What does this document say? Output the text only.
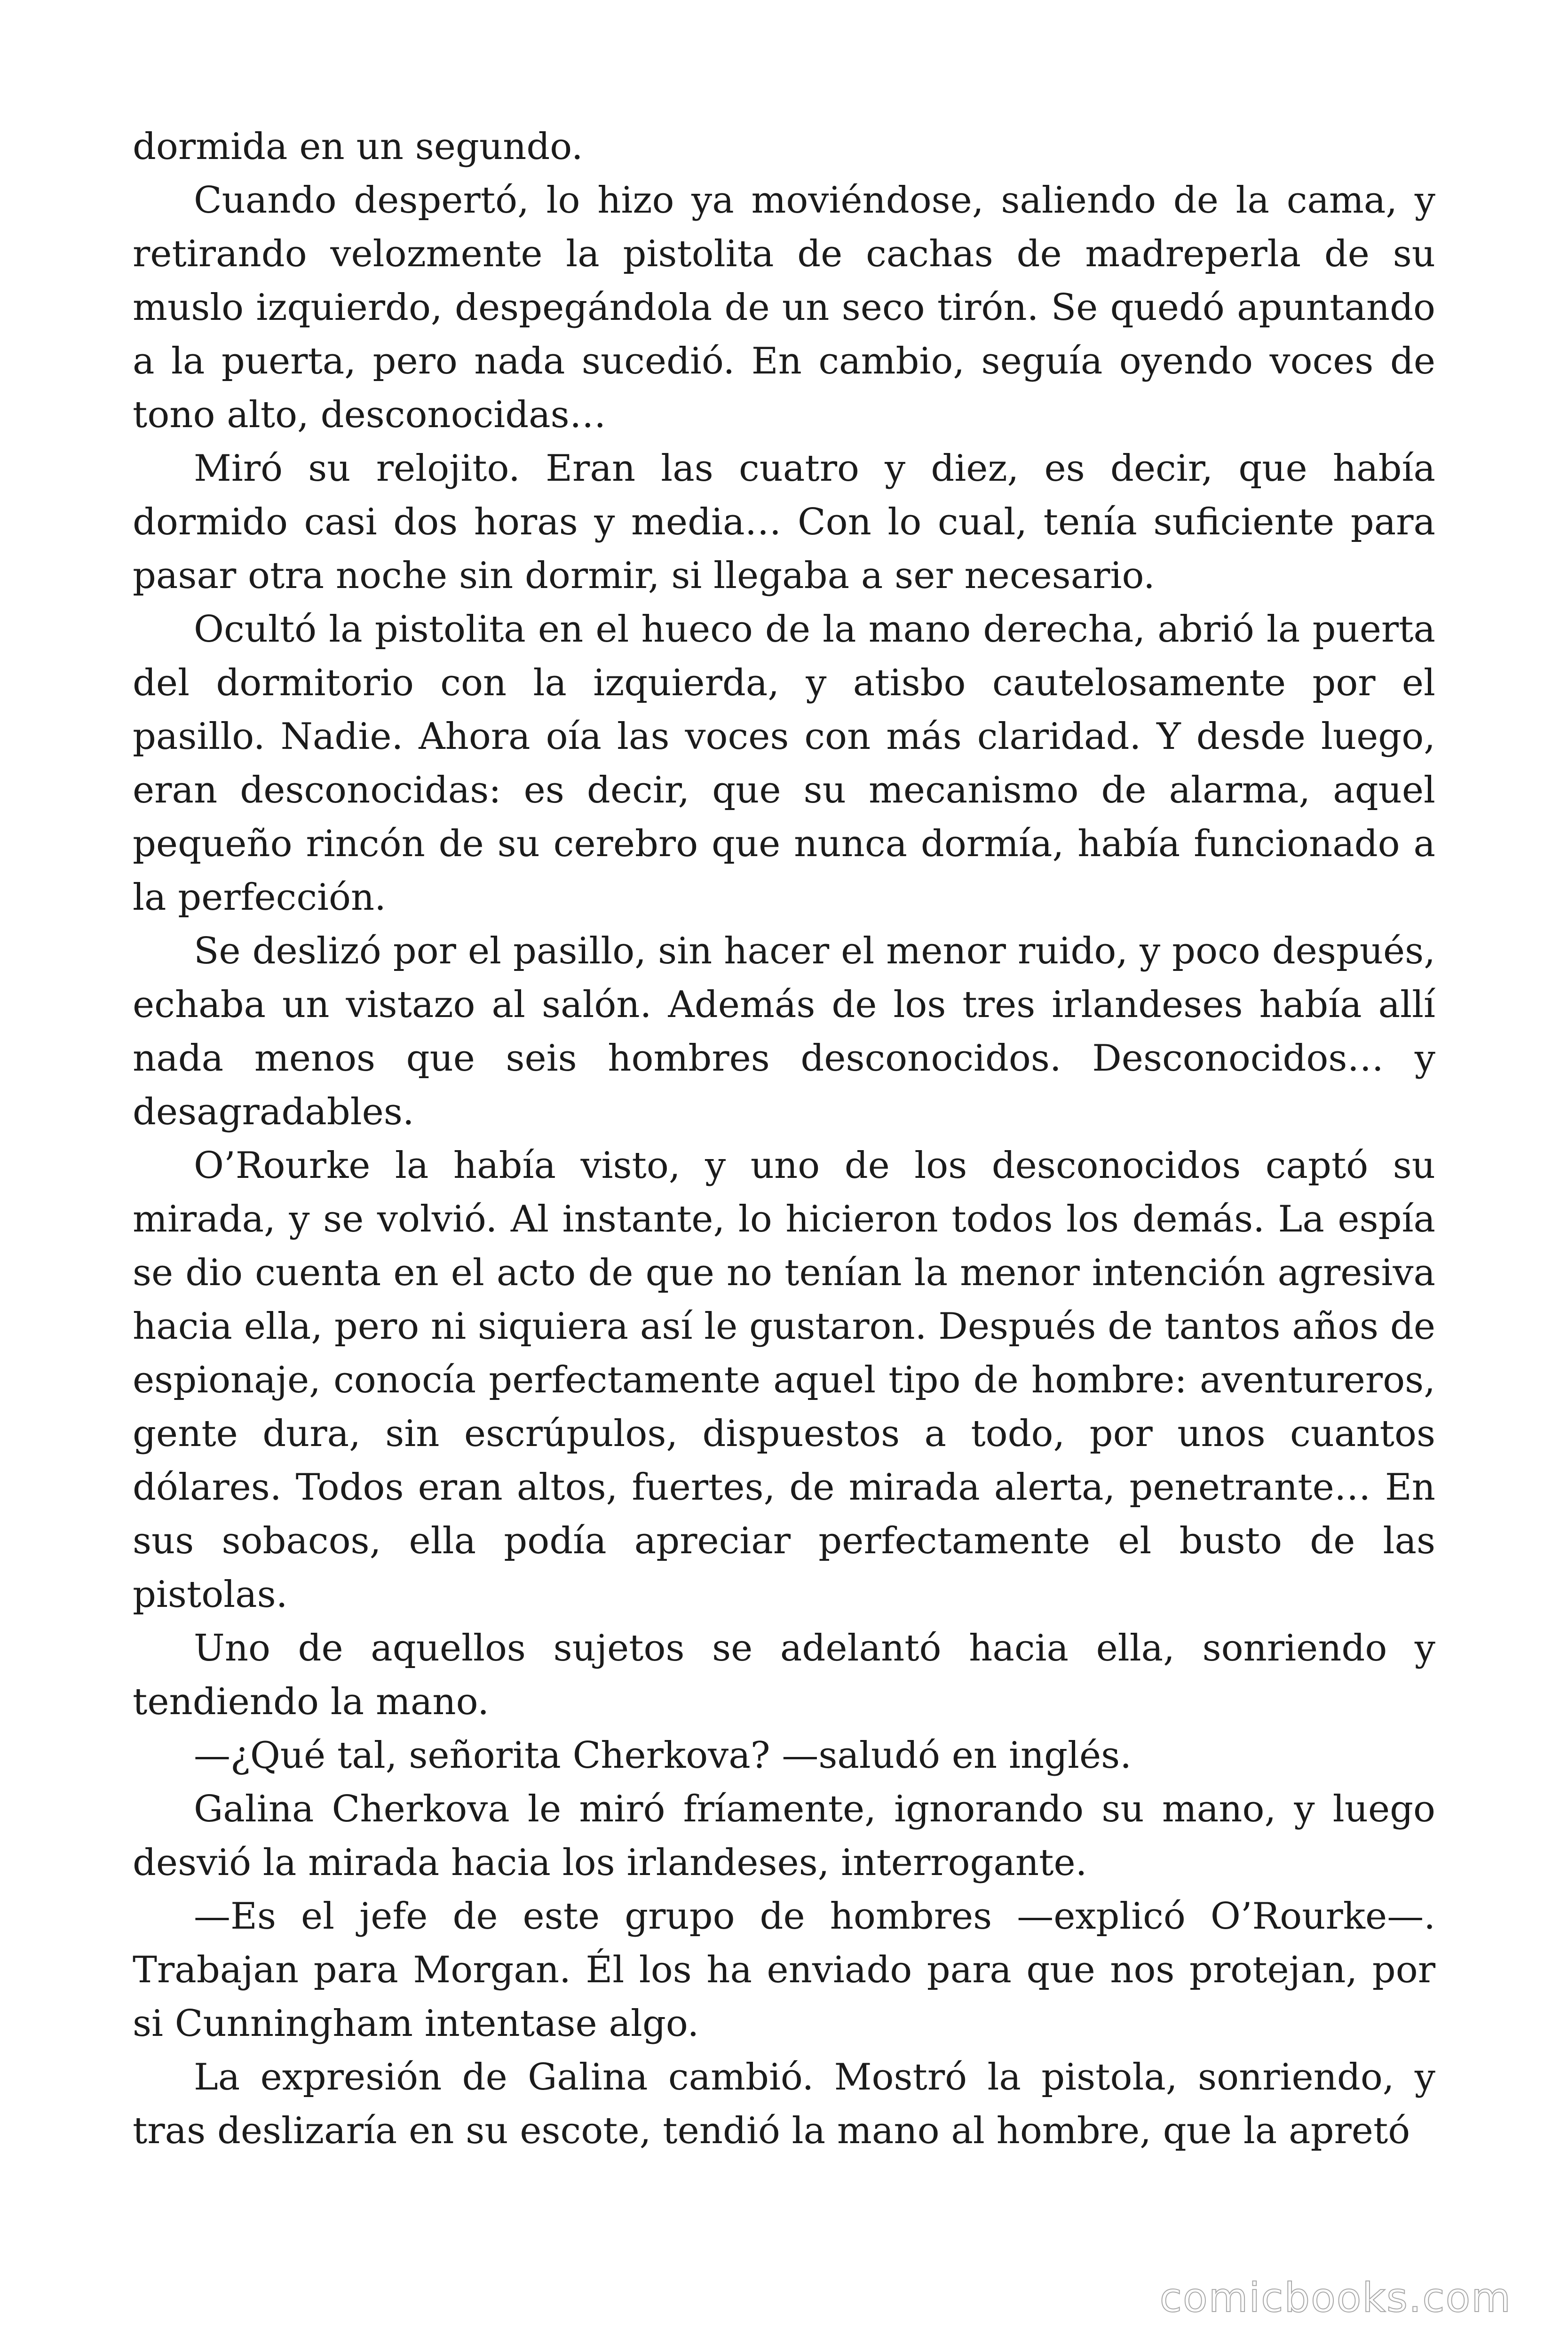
dormida en un segundo.

Cuando despertó, lo hizo ya moviéndose, saliendo de la cama, y retirando velozmente la pistolita de cachas de madreperla de su muslo izquierdo, despegándola de un seco tirón. Se quedó apuntando a la puerta, pero nada sucedió. En cambio, seguía oyendo voces de tono alto, desconocidas…

Miró su relojito. Eran las cuatro y diez, es decir, que había dormido casi dos horas y media… Con lo cual, tenía suficiente para pasar otra noche sin dormir, si llegaba a ser necesario.

Ocultó la pistolita en el hueco de la mano derecha, abrió la puerta del dormitorio con la izquierda, y atisbo cautelosamente por el pasillo. Nadie. Ahora oía las voces con más claridad. Y desde luego, eran desconocidas: es decir, que su mecanismo de alarma, aquel pequeño rincón de su cerebro que nunca dormía, había funcionado a la perfección.

Se deslizó por el pasillo, sin hacer el menor ruido, y poco después, echaba un vistazo al salón. Además de los tres irlandeses había allí nada menos que seis hombres desconocidos. Desconocidos… y desagradables.

O’Rourke la había visto, y uno de los desconocidos captó su mirada, y se volvió. Al instante, lo hicieron todos los demás. La espía se dio cuenta en el acto de que no tenían la menor intención agresiva hacia ella, pero ni siquiera así le gustaron. Después de tantos años de espionaje, conocía perfectamente aquel tipo de hombre: aventureros, gente dura, sin escrúpulos, dispuestos a todo, por unos cuantos dólares. Todos eran altos, fuertes, de mirada alerta, penetrante… En sus sobacos, ella podía apreciar perfectamente el busto de las pistolas.

Uno de aquellos sujetos se adelantó hacia ella, sonriendo y tendiendo la mano.

—¿Qué tal, señorita Cherkova? —saludó en inglés.

Galina Cherkova le miró fríamente, ignorando su mano, y luego desvió la mirada hacia los irlandeses, interrogante.

—Es el jefe de este grupo de hombres —explicó O’Rourke—. Trabajan para Morgan. Él los ha enviado para que nos protejan, por si Cunningham intentase algo.

La expresión de Galina cambió. Mostró la pistola, sonriendo, y tras deslizaría en su escote, tendió la mano al hombre, que la apretó

comicbooks.com
